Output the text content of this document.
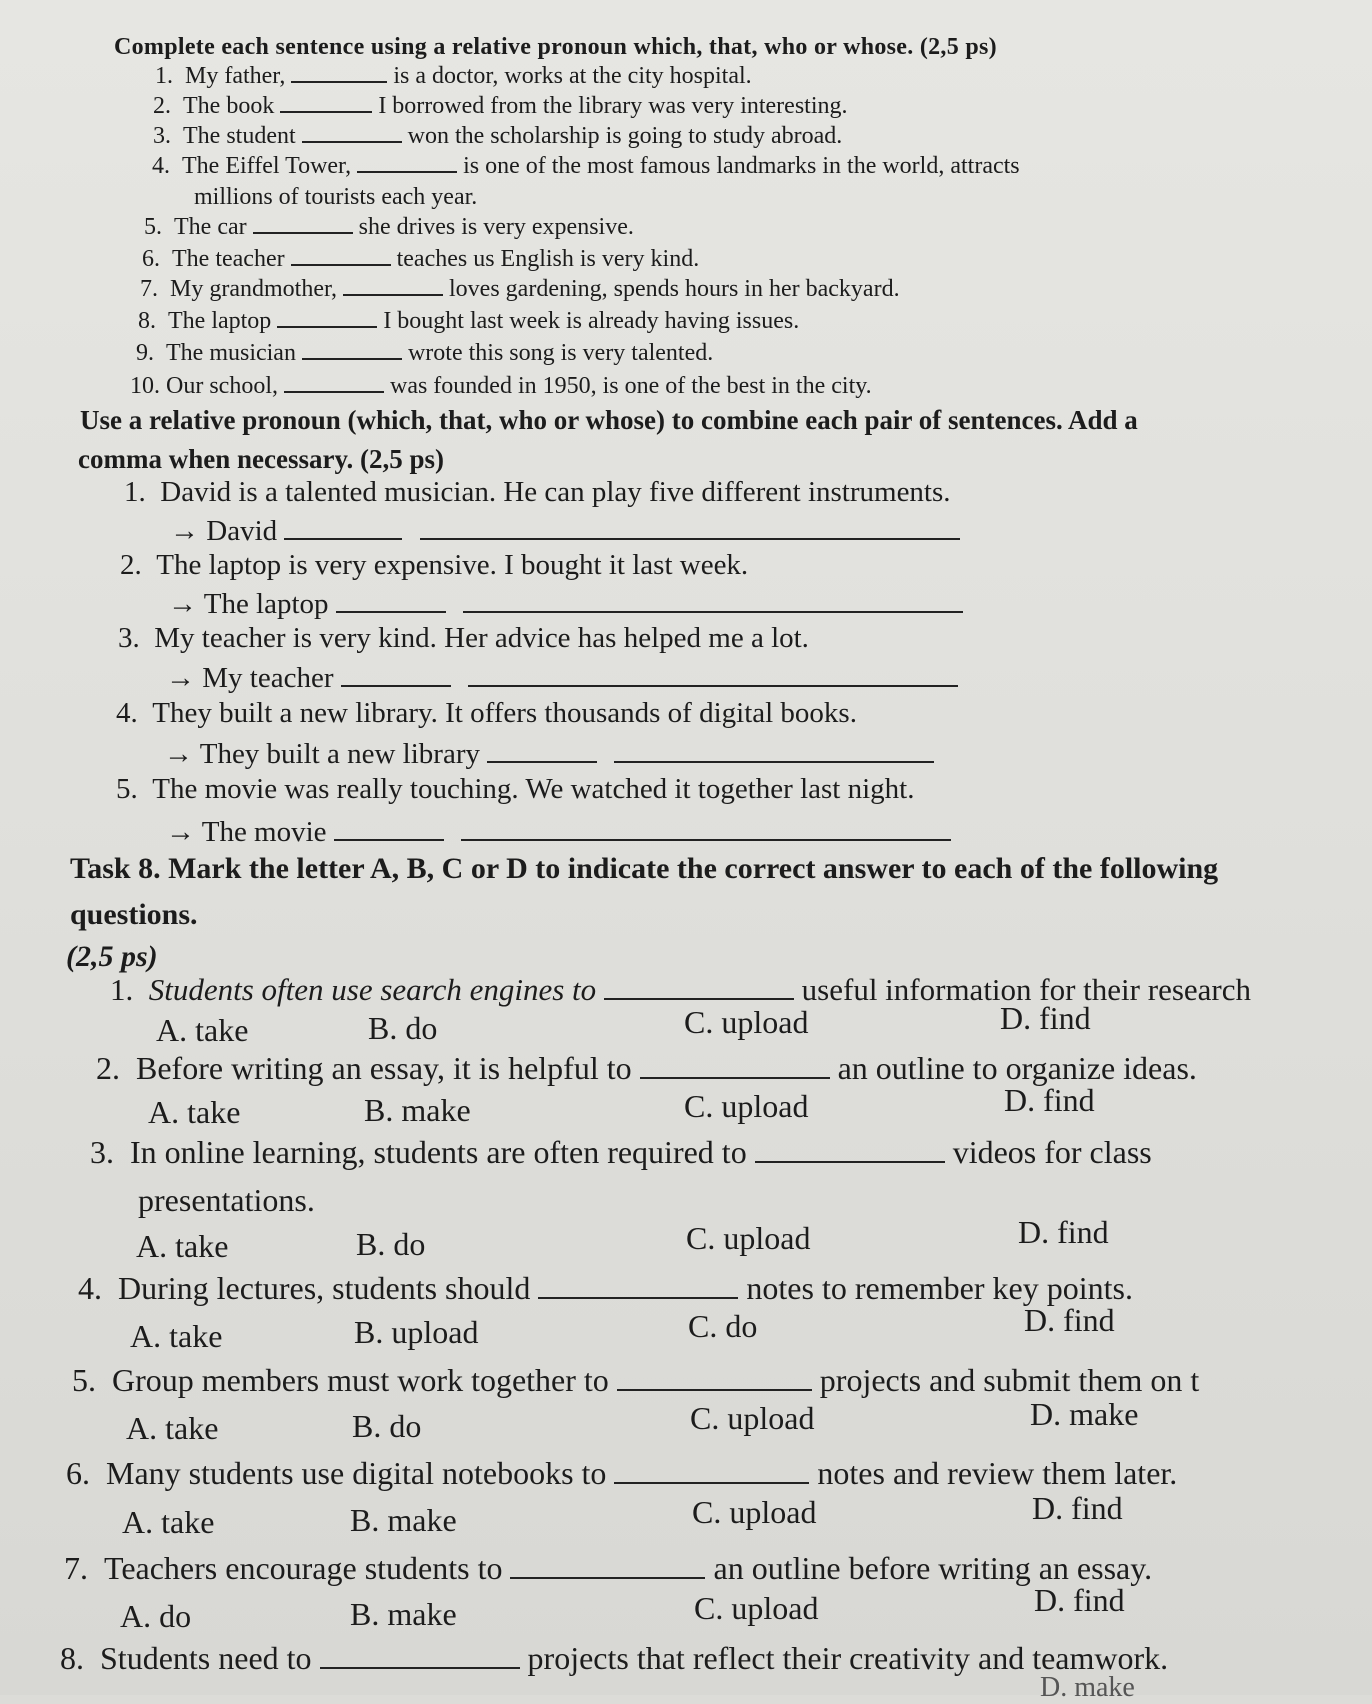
Complete each sentence using a relative pronoun which, that, who or whose. (2,5 ps)
1. My father,	is a doctor, works at the city hospital.
2. The book	I borrowed from the library was very interesting.
3. The student	won the scholarship is going to study abroad.
4. The Eiffel Tower,	is one of the most famous landmarks in the world, attracts
millions of tourists each year.
5. The car	she drives is very expensive.
6. The teacher	teaches us English is very kind.
7. My grandmother,	loves gardening, spends hours in her backyard.
8. The laptop	I bought last week is already having issues.
9. The musician	wrote this song is very talented.
10. Our school,	was founded in 1950, is one of the best in the city.
Use a relative pronoun (which, that, who or whose) to combine each pair of sentences. Add a
comma when necessary. (2,5 ps)
1. David is a talented musician. He can play five different instruments.
→ David
2. The laptop is very expensive. I bought it last week.
→ The laptop
3. My teacher is very kind. Her advice has helped me a lot.
→ My teacher
4. They built a new library. It offers thousands of digital books.
→ They built a new library
5. The movie was really touching. We watched it together last night.
→ The movie
Task 8. Mark the letter A, B, C or D to indicate the correct answer to each of the following
questions.
(2,5 ps)
1. Students often use search engines to	useful information for their research
A. take	B. do	C. upload	D. find
2. Before writing an essay, it is helpful to	an outline to organize ideas.
A. take	B. make	C. upload	D. find
3. In online learning, students are often required to	videos for class
presentations.
A. take	B. do	C. upload	D. find
4. During lectures, students should	notes to remember key points.
A. take	B. upload	C. do	D. find
5. Group members must work together to	projects and submit them on t
A. take	B. do	C. upload	D. make
6. Many students use digital notebooks to	notes and review them later.
A. take	B. make	C. upload	D. find
7. Teachers encourage students to	an outline before writing an essay.
A. do	B. make	C. upload	D. find
8. Students need to	projects that reflect their creativity and teamwork.
D. make
